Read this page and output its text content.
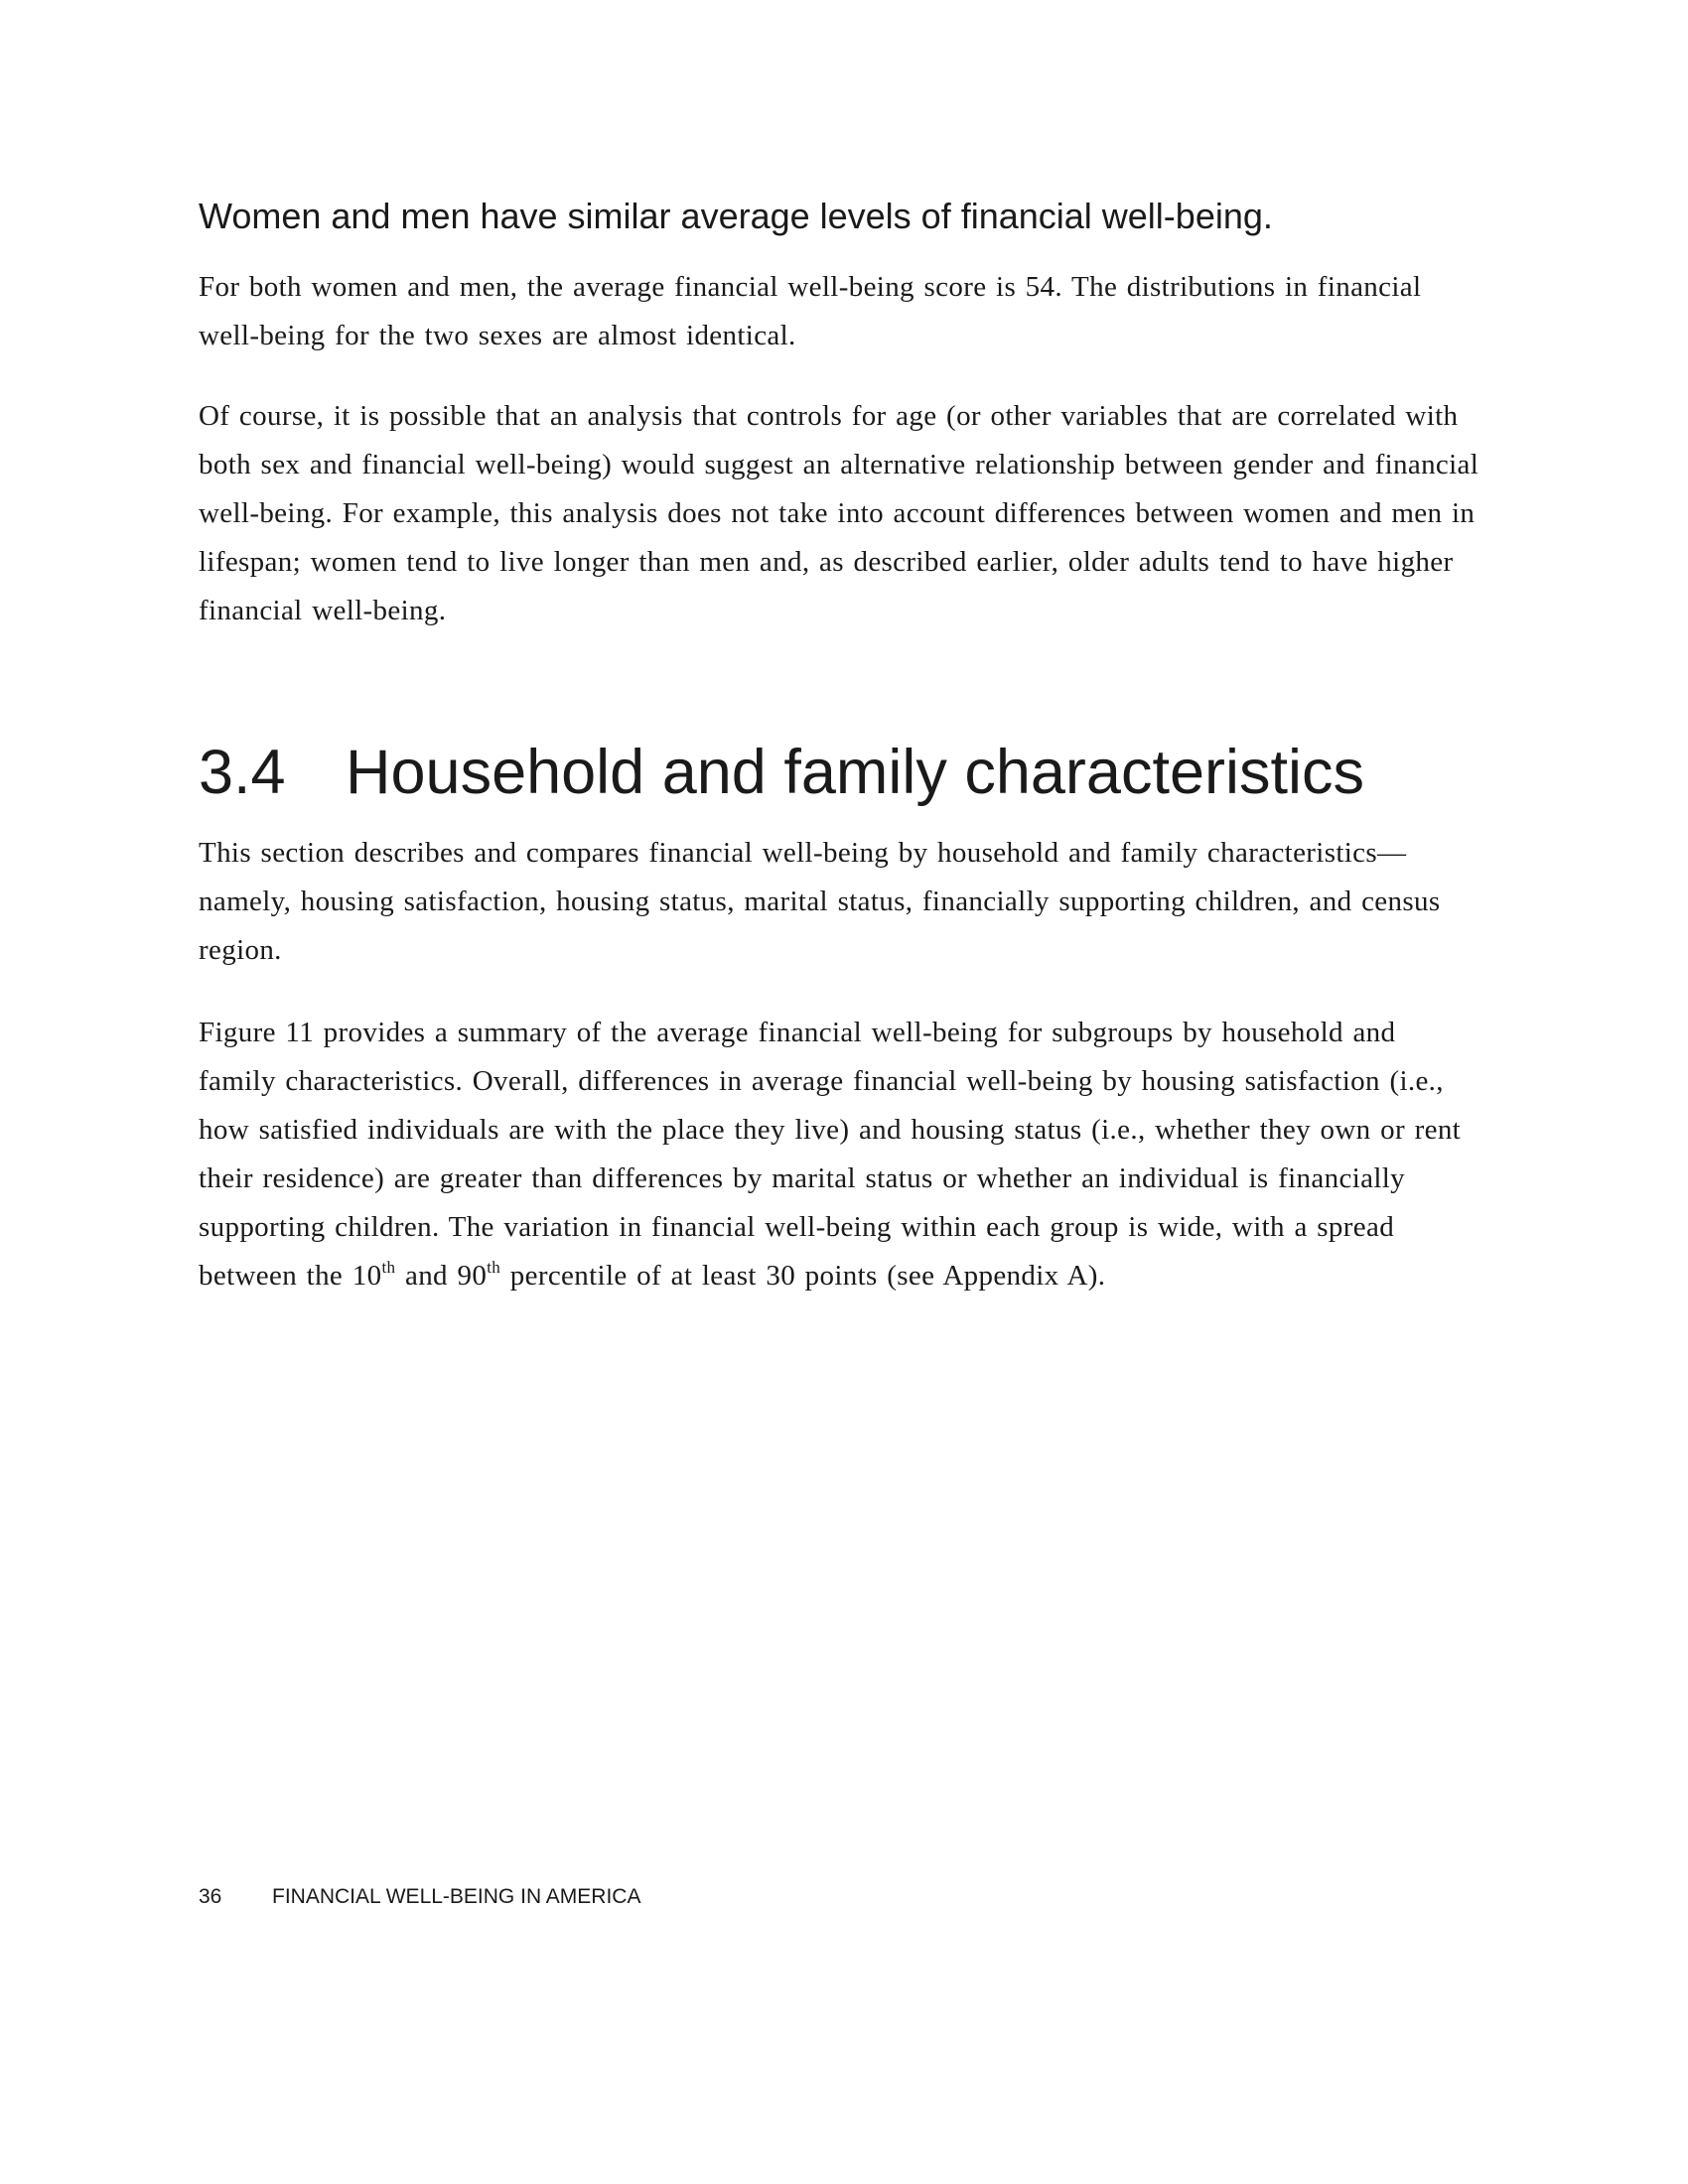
Women and men have similar average levels of financial well-being.

For both women and men, the average financial well-being score is 54. The distributions in financial well-being for the two sexes are almost identical.

Of course, it is possible that an analysis that controls for age (or other variables that are correlated with both sex and financial well-being) would suggest an alternative relationship between gender and financial well-being. For example, this analysis does not take into account differences between women and men in lifespan; women tend to live longer than men and, as described earlier, older adults tend to have higher financial well-being.

3.4 Household and family characteristics

This section describes and compares financial well-being by household and family characteristics—namely, housing satisfaction, housing status, marital status, financially supporting children, and census region.

Figure 11 provides a summary of the average financial well-being for subgroups by household and family characteristics. Overall, differences in average financial well-being by housing satisfaction (i.e., how satisfied individuals are with the place they live) and housing status (i.e., whether they own or rent their residence) are greater than differences by marital status or whether an individual is financially supporting children. The variation in financial well-being within each group is wide, with a spread between the 10th and 90th percentile of at least 30 points (see Appendix A).

36 FINANCIAL WELL-BEING IN AMERICA
